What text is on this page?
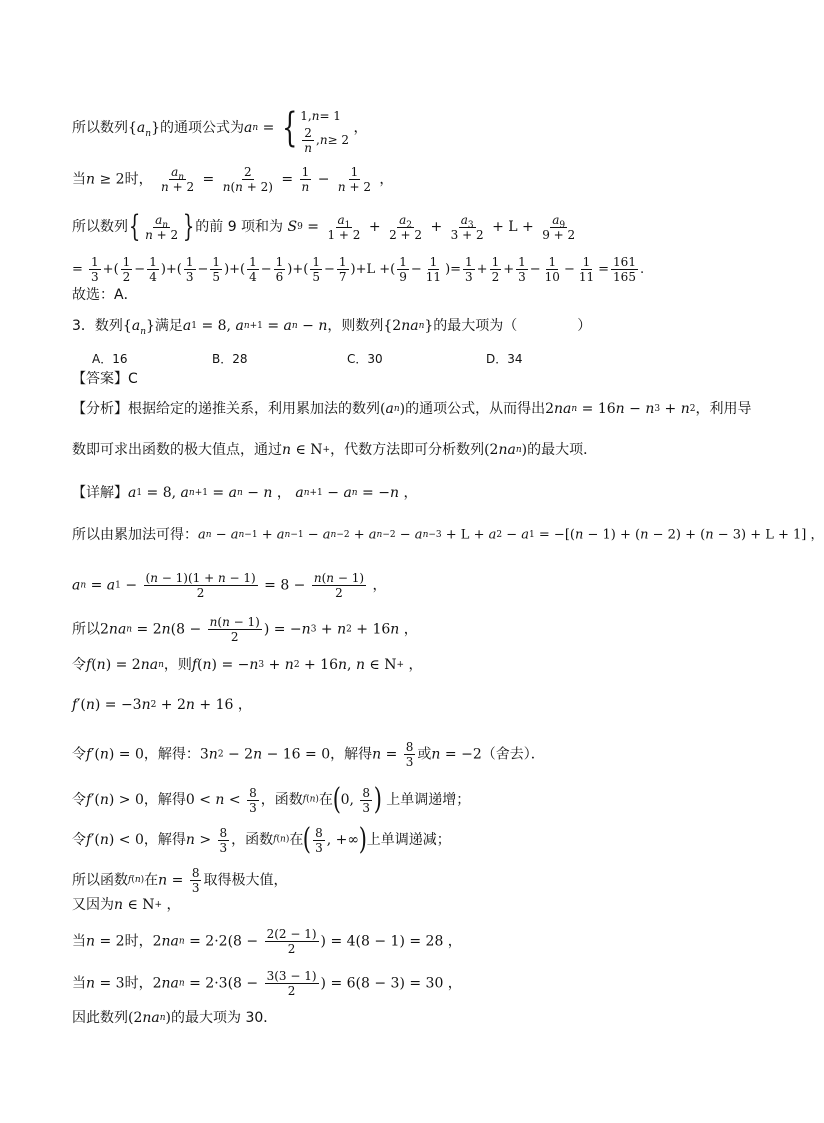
所以数列$\{a_n\}$的通项公式为an = { 1, n = 1
$\frac{2}{n}$ , n ≥ 2
，
当n ≥ 2时， $\frac{a_n}{n + 2} = \frac{2}{n(n + 2)} = \frac{1}{n} - \frac{1}{n + 2}$ ，
所以数列{ $\frac{a_n}{n + 2}$ }的前 9 项和为 $S9 = \frac{a_1}{1 + 2} + \frac{a_2}{2 + 2} + \frac{a_3}{3 + 2} + L + \frac{a_9}{9 + 2}$
= $\frac{1}{3}$ +( $\frac{1}{2} - \frac{1}{4}$ )+( $\frac{1}{3} - \frac{1}{5}$ )+( $\frac{1}{4} - \frac{1}{6}$ )+( $\frac{1}{5} - \frac{1}{7} )+L$ +( $\frac{1}{9} - \frac{1}{11}$ )= $\frac{1}{3} + \frac{1}{2} + \frac{1}{3} - \frac{1}{10} - \frac{1}{11} = \frac{161}{165}$ .
故选：A．
3．数列$\{a_n\}$满足a1 = 8, an+1 = an − n，则数列{2nan}的最大项为（	）
A．16	B．28	C．30	D．34
【答案】C
【分析】根据给定的递推关系，利用累加法的数列(an)的通项公式，从而得出2nan = 16n − n3 + n2，利用导
数即可求出函数的极大值点，通过n ∈ N+，代数方法即可分析数列(2nan)的最大项．
【详解】a1 = 8, an+1 = an − n ， an+1 − an = −n ，
所以由累加法可得：an − an−1 + an−1 − an−2 + an−2 − an−3 + L + a2 − a1 = −[(n − 1) + (n − 2) + (n − 3) + L + 1] ，
an = $a1 - \frac{(n - 1)(1 + n - 1)}{2} = 8 - \frac{n(n - 1)}{2}$ ，
所以$2nan = 2n(8 - \frac{n(n - 1)}{2}$ ) = −n3 + n2 + 16n ，
令f(n) = 2nan，则f(n) = −n3 + n2 + 16n, n ∈ N+ ，
f′(n) = −3n2 + 2n + 16 ，
令f′(n) = 0，解得：3n2 − 2n − 16 = 0，解得$n = \frac{8}{3}$ 或n = −2（舍去）．
令f′(n) > 0，解得$0 < n < \frac{8}{3}$ ，函数f(n)在(0, $\frac{8}{3}$ ) 上单调递增；
令f′(n) < 0，解得$n > \frac{8}{3}$ ，函数f(n)在( $\frac{8}{3}$ , +∞)上单调递减；
所以函数f(n)在$n = \frac{8}{3}$ 取得极大值，
又因为n ∈ N+ ，
当n = 2时，$2nan = 2\cdot 2(8 - \frac{2(2 - 1)}{2}$ ) = 4(8 − 1) = 28 ，
当n = 3时，$2nan = 2\cdot 3(8 - \frac{3(3 - 1)}{2}$ ) = 6(8 − 3) = 30 ，
因此数列(2nan)的最大项为 30．
